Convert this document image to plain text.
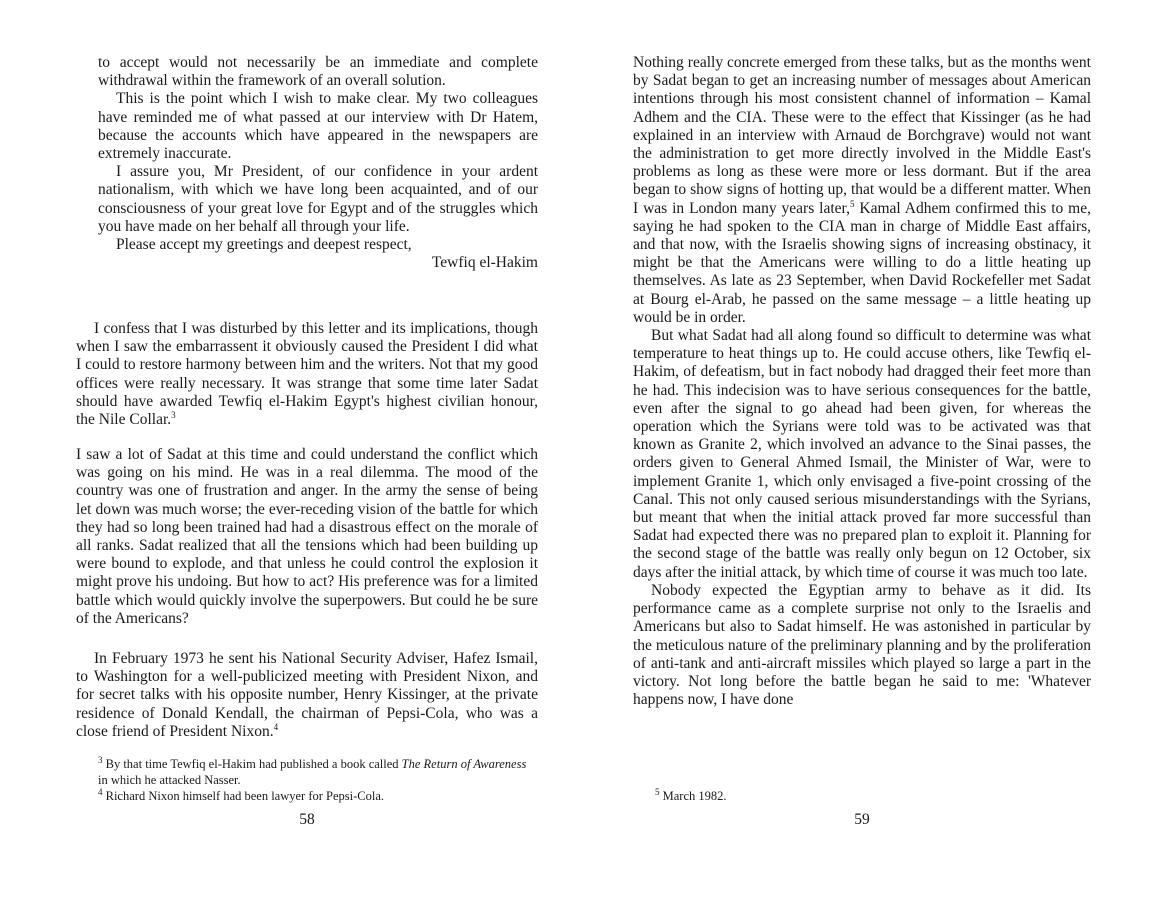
to accept would not necessarily be an immediate and complete withdrawal within the framework of an overall solution.

This is the point which I wish to make clear. My two colleagues have reminded me of what passed at our interview with Dr Hatem, because the accounts which have appeared in the newspapers are extremely inaccurate.

I assure you, Mr President, of our confidence in your ardent nationalism, with which we have long been acquainted, and of our consciousness of your great love for Egypt and of the struggles which you have made on her behalf all through your life.

Please accept my greetings and deepest respect,

Tewfiq el-Hakim

I confess that I was disturbed by this letter and its implications, though when I saw the embarrassent it obviously caused the President I did what I could to restore harmony between him and the writers. Not that my good offices were really necessary. It was strange that some time later Sadat should have awarded Tewfiq el-Hakim Egypt's highest civilian honour, the Nile Collar.$^3$

I saw a lot of Sadat at this time and could understand the conflict which was going on his mind. He was in a real dilemma. The mood of the country was one of frustration and anger. In the army the sense of being let down was much worse; the ever-receding vision of the battle for which they had so long been trained had had a disastrous effect on the morale of all ranks. Sadat realized that all the tensions which had been building up were bound to explode, and that unless he could control the explosion it might prove his undoing. But how to act? His preference was for a limited battle which would quickly involve the superpowers. But could he be sure of the Americans?

In February 1973 he sent his National Security Adviser, Hafez Ismail, to Washington for a well-publicized meeting with President Nixon, and for secret talks with his opposite number, Henry Kissinger, at the private residence of Donald Kendall, the chairman of Pepsi-Cola, who was a close friend of President Nixon.$^4$

$^3$ By that time Tewfiq el-Hakim had published a book called The Return of Awareness in which he attacked Nasser.

$^4$ Richard Nixon himself had been lawyer for Pepsi-Cola.

58

Nothing really concrete emerged from these talks, but as the months went by Sadat began to get an increasing number of messages about American intentions through his most consistent channel of information – Kamal Adhem and the CIA. These were to the effect that Kissinger (as he had explained in an interview with Arnaud de Borchgrave) would not want the administration to get more directly involved in the Middle East's problems as long as these were more or less dormant. But if the area began to show signs of hotting up, that would be a different matter. When I was in London many years later,$^5$ Kamal Adhem confirmed this to me, saying he had spoken to the CIA man in charge of Middle East affairs, and that now, with the Israelis showing signs of increasing obstinacy, it might be that the Americans were willing to do a little heating up themselves. As late as 23 September, when David Rockefeller met Sadat at Bourg el-Arab, he passed on the same message – a little heating up would be in order.

But what Sadat had all along found so difficult to determine was what temperature to heat things up to. He could accuse others, like Tewfiq el-Hakim, of defeatism, but in fact nobody had dragged their feet more than he had. This indecision was to have serious consequences for the battle, even after the signal to go ahead had been given, for whereas the operation which the Syrians were told was to be activated was that known as Granite 2, which involved an advance to the Sinai passes, the orders given to General Ahmed Ismail, the Minister of War, were to implement Granite 1, which only envisaged a five-point crossing of the Canal. This not only caused serious misunderstandings with the Syrians, but meant that when the initial attack proved far more successful than Sadat had expected there was no prepared plan to exploit it. Planning for the second stage of the battle was really only begun on 12 October, six days after the initial attack, by which time of course it was much too late.

Nobody expected the Egyptian army to behave as it did. Its performance came as a complete surprise not only to the Israelis and Americans but also to Sadat himself. He was astonished in particular by the meticulous nature of the preliminary planning and by the proliferation of anti-tank and anti-aircraft missiles which played so large a part in the victory. Not long before the battle began he said to me: 'Whatever happens now, I have done

$^5$ March 1982.

59
